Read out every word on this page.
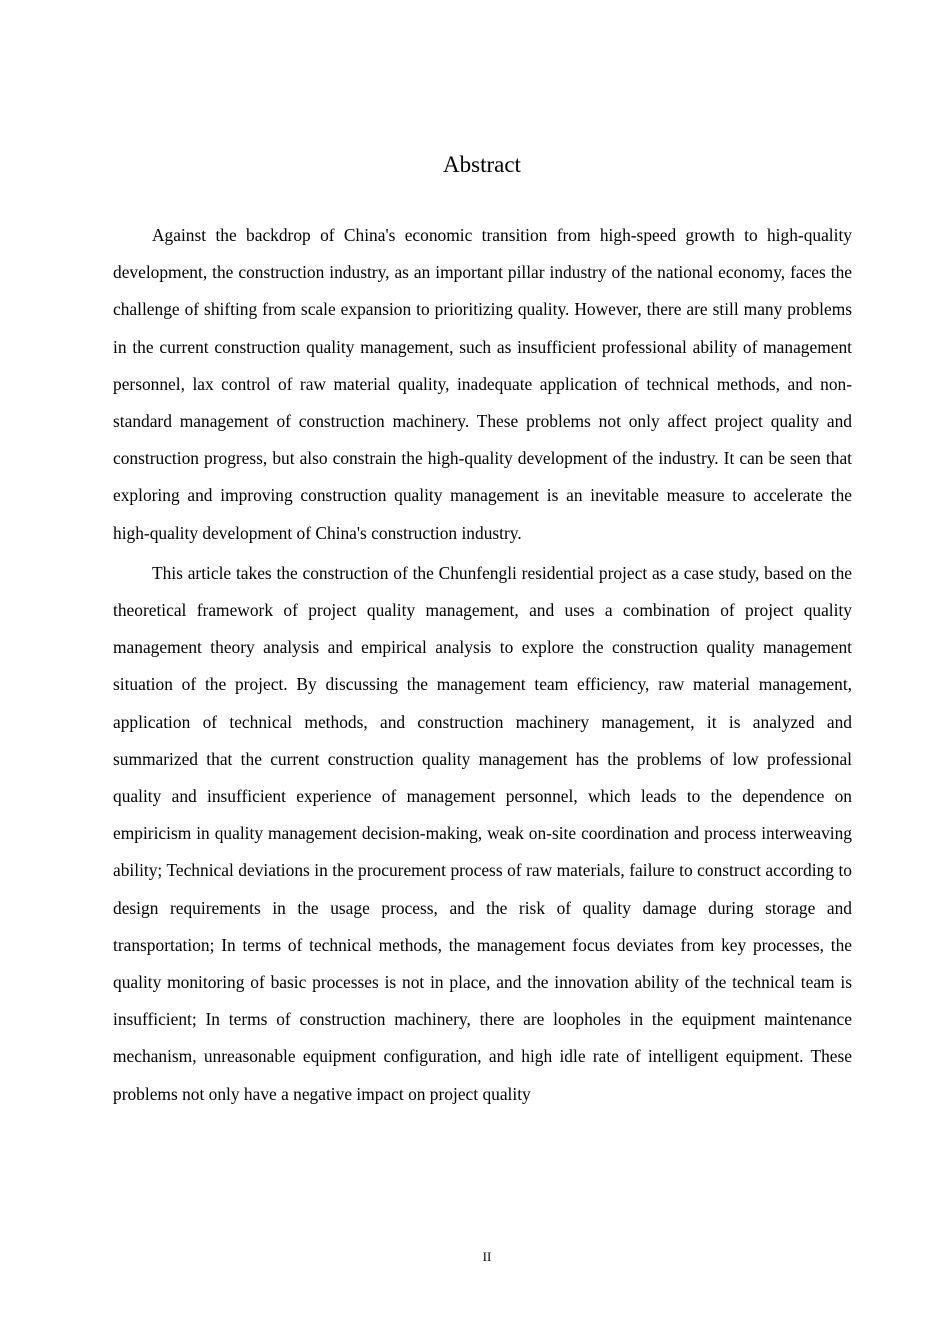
Abstract

Against the backdrop of China's economic transition from high-speed growth to high-quality development, the construction industry, as an important pillar industry of the national economy, faces the challenge of shifting from scale expansion to prioritizing quality. However, there are still many problems in the current construction quality management, such as insufficient professional ability of management personnel, lax control of raw material quality, inadequate application of technical methods, and non-standard management of construction machinery. These problems not only affect project quality and construction progress, but also constrain the high-quality development of the industry. It can be seen that exploring and improving construction quality management is an inevitable measure to accelerate the high-quality development of China's construction industry.

This article takes the construction of the Chunfengli residential project as a case study, based on the theoretical framework of project quality management, and uses a combination of project quality management theory analysis and empirical analysis to explore the construction quality management situation of the project. By discussing the management team efficiency, raw material management, application of technical methods, and construction machinery management, it is analyzed and summarized that the current construction quality management has the problems of low professional quality and insufficient experience of management personnel, which leads to the dependence on empiricism in quality management decision-making, weak on-site coordination and process interweaving ability; Technical deviations in the procurement process of raw materials, failure to construct according to design requirements in the usage process, and the risk of quality damage during storage and transportation; In terms of technical methods, the management focus deviates from key processes, the quality monitoring of basic processes is not in place, and the innovation ability of the technical team is insufficient; In terms of construction machinery, there are loopholes in the equipment maintenance mechanism, unreasonable equipment configuration, and high idle rate of intelligent equipment. These problems not only have a negative impact on project quality

II
